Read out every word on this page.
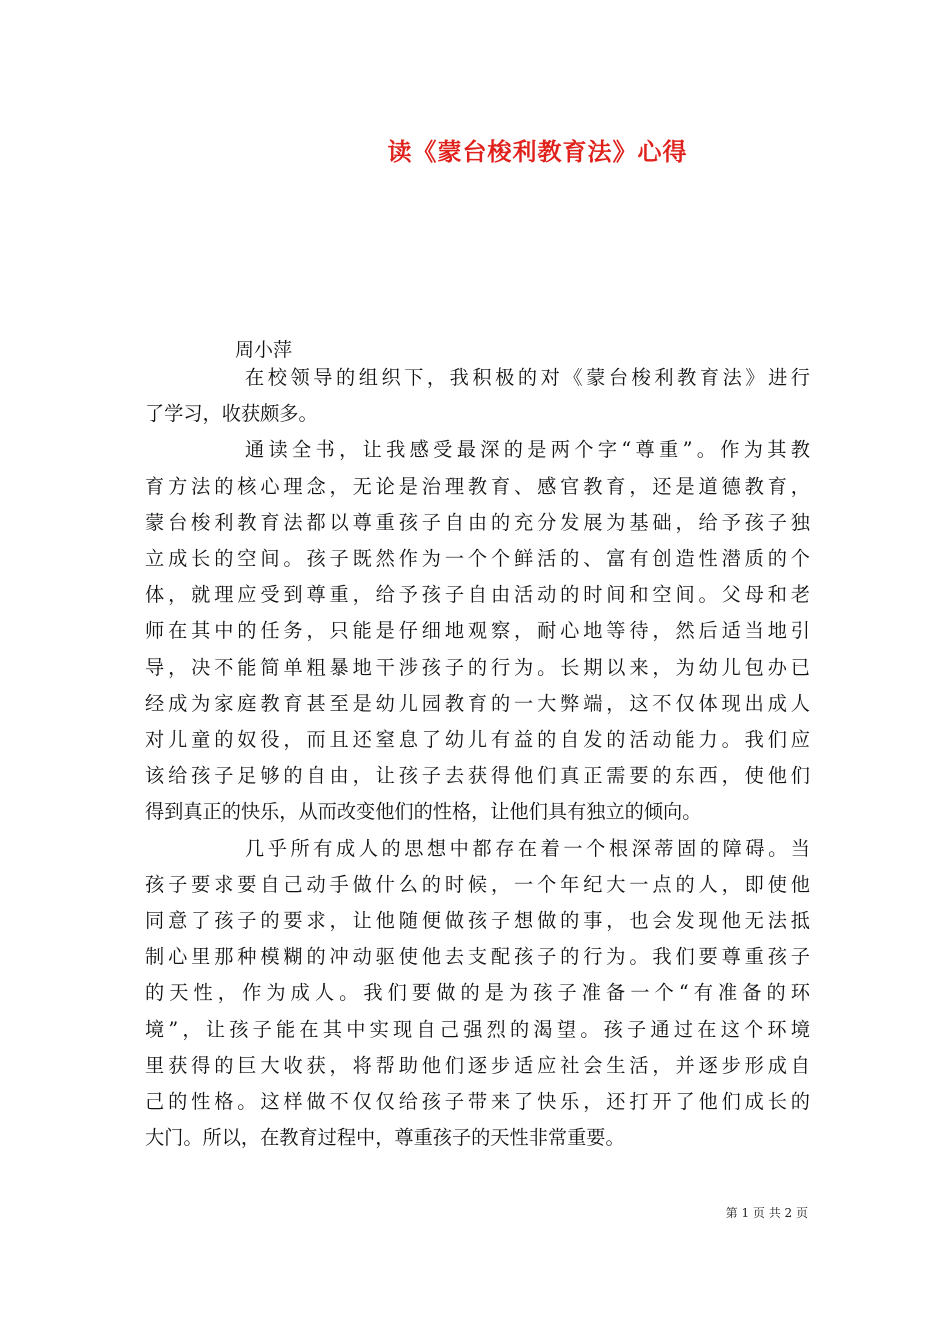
读《蒙台梭利教育法》心得
周小萍

在校领导的组织下，我积极的对《蒙台梭利教育法》进行
了学习，收获颇多。

通读全书，让我感受最深的是两个字“尊重”。作为其教
育方法的核心理念，无论是治理教育、感官教育，还是道德教育，
蒙台梭利教育法都以尊重孩子自由的充分发展为基础，给予孩子独
立成长的空间。孩子既然作为一个个鲜活的、富有创造性潜质的个
体，就理应受到尊重，给予孩子自由活动的时间和空间。父母和老
师在其中的任务，只能是仔细地观察，耐心地等待，然后适当地引
导，决不能简单粗暴地干涉孩子的行为。长期以来，为幼儿包办已
经成为家庭教育甚至是幼儿园教育的一大弊端，这不仅体现出成人
对儿童的奴役，而且还窒息了幼儿有益的自发的活动能力。我们应
该给孩子足够的自由，让孩子去获得他们真正需要的东西，使他们
得到真正的快乐，从而改变他们的性格，让他们具有独立的倾向。

几乎所有成人的思想中都存在着一个根深蒂固的障碍。当
孩子要求要自己动手做什么的时候，一个年纪大一点的人，即使他
同意了孩子的要求，让他随便做孩子想做的事，也会发现他无法抵
制心里那种模糊的冲动驱使他去支配孩子的行为。我们要尊重孩子
的天性，作为成人。我们要做的是为孩子准备一个“有准备的环
境”，让孩子能在其中实现自己强烈的渴望。孩子通过在这个环境
里获得的巨大收获，将帮助他们逐步适应社会生活，并逐步形成自
己的性格。这样做不仅仅给孩子带来了快乐，还打开了他们成长的
大门。所以，在教育过程中，尊重孩子的天性非常重要。

第 1 页 共 2 页
